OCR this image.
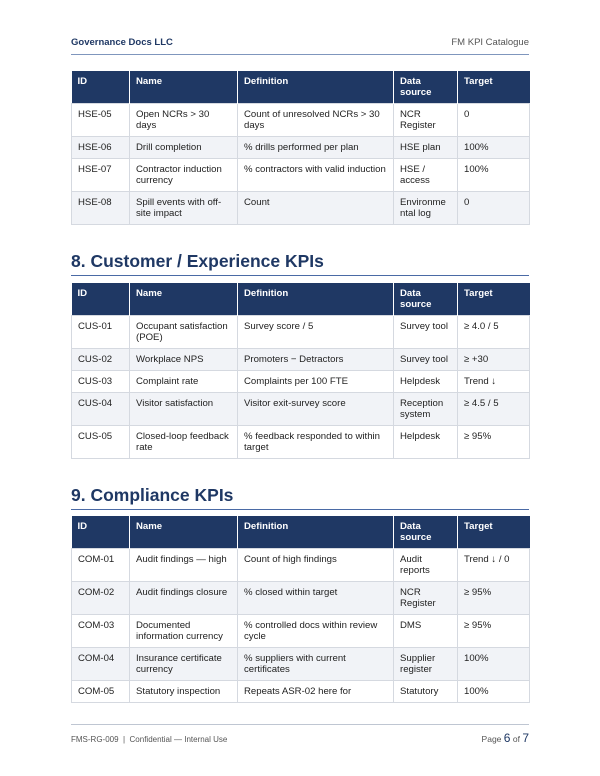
Governance Docs LLC	FM KPI Catalogue
ID	Name	Definition	Data source	Target
HSE-05	Open NCRs > 30 days	Count of unresolved NCRs > 30 days	NCR Register	0
HSE-06	Drill completion	% drills performed per plan	HSE plan	100%
HSE-07	Contractor induction currency	% contractors with valid induction	HSE / access	100%
HSE-08	Spill events with off-site impact	Count	Environme ntal log	0
8. Customer / Experience KPIs
ID	Name	Definition	Data source	Target
CUS-01	Occupant satisfaction (POE)	Survey score / 5	Survey tool	≥ 4.0 / 5
CUS-02	Workplace NPS	Promoters − Detractors	Survey tool	≥ +30
CUS-03	Complaint rate	Complaints per 100 FTE	Helpdesk	Trend ↓
CUS-04	Visitor satisfaction	Visitor exit-survey score	Reception system	≥ 4.5 / 5
CUS-05	Closed-loop feedback rate	% feedback responded to within target	Helpdesk	≥ 95%
9. Compliance KPIs
ID	Name	Definition	Data source	Target
COM-01	Audit findings — high	Count of high findings	Audit reports	Trend ↓ / 0
COM-02	Audit findings closure	% closed within target	NCR Register	≥ 95%
COM-03	Documented information currency	% controlled docs within review cycle	DMS	≥ 95%
COM-04	Insurance certificate currency	% suppliers with current certificates	Supplier register	100%
COM-05	Statutory inspection	Repeats ASR-02 here for	Statutory	100%
FMS-RG-009  |  Confidential — Internal Use	Page 6 of 7
